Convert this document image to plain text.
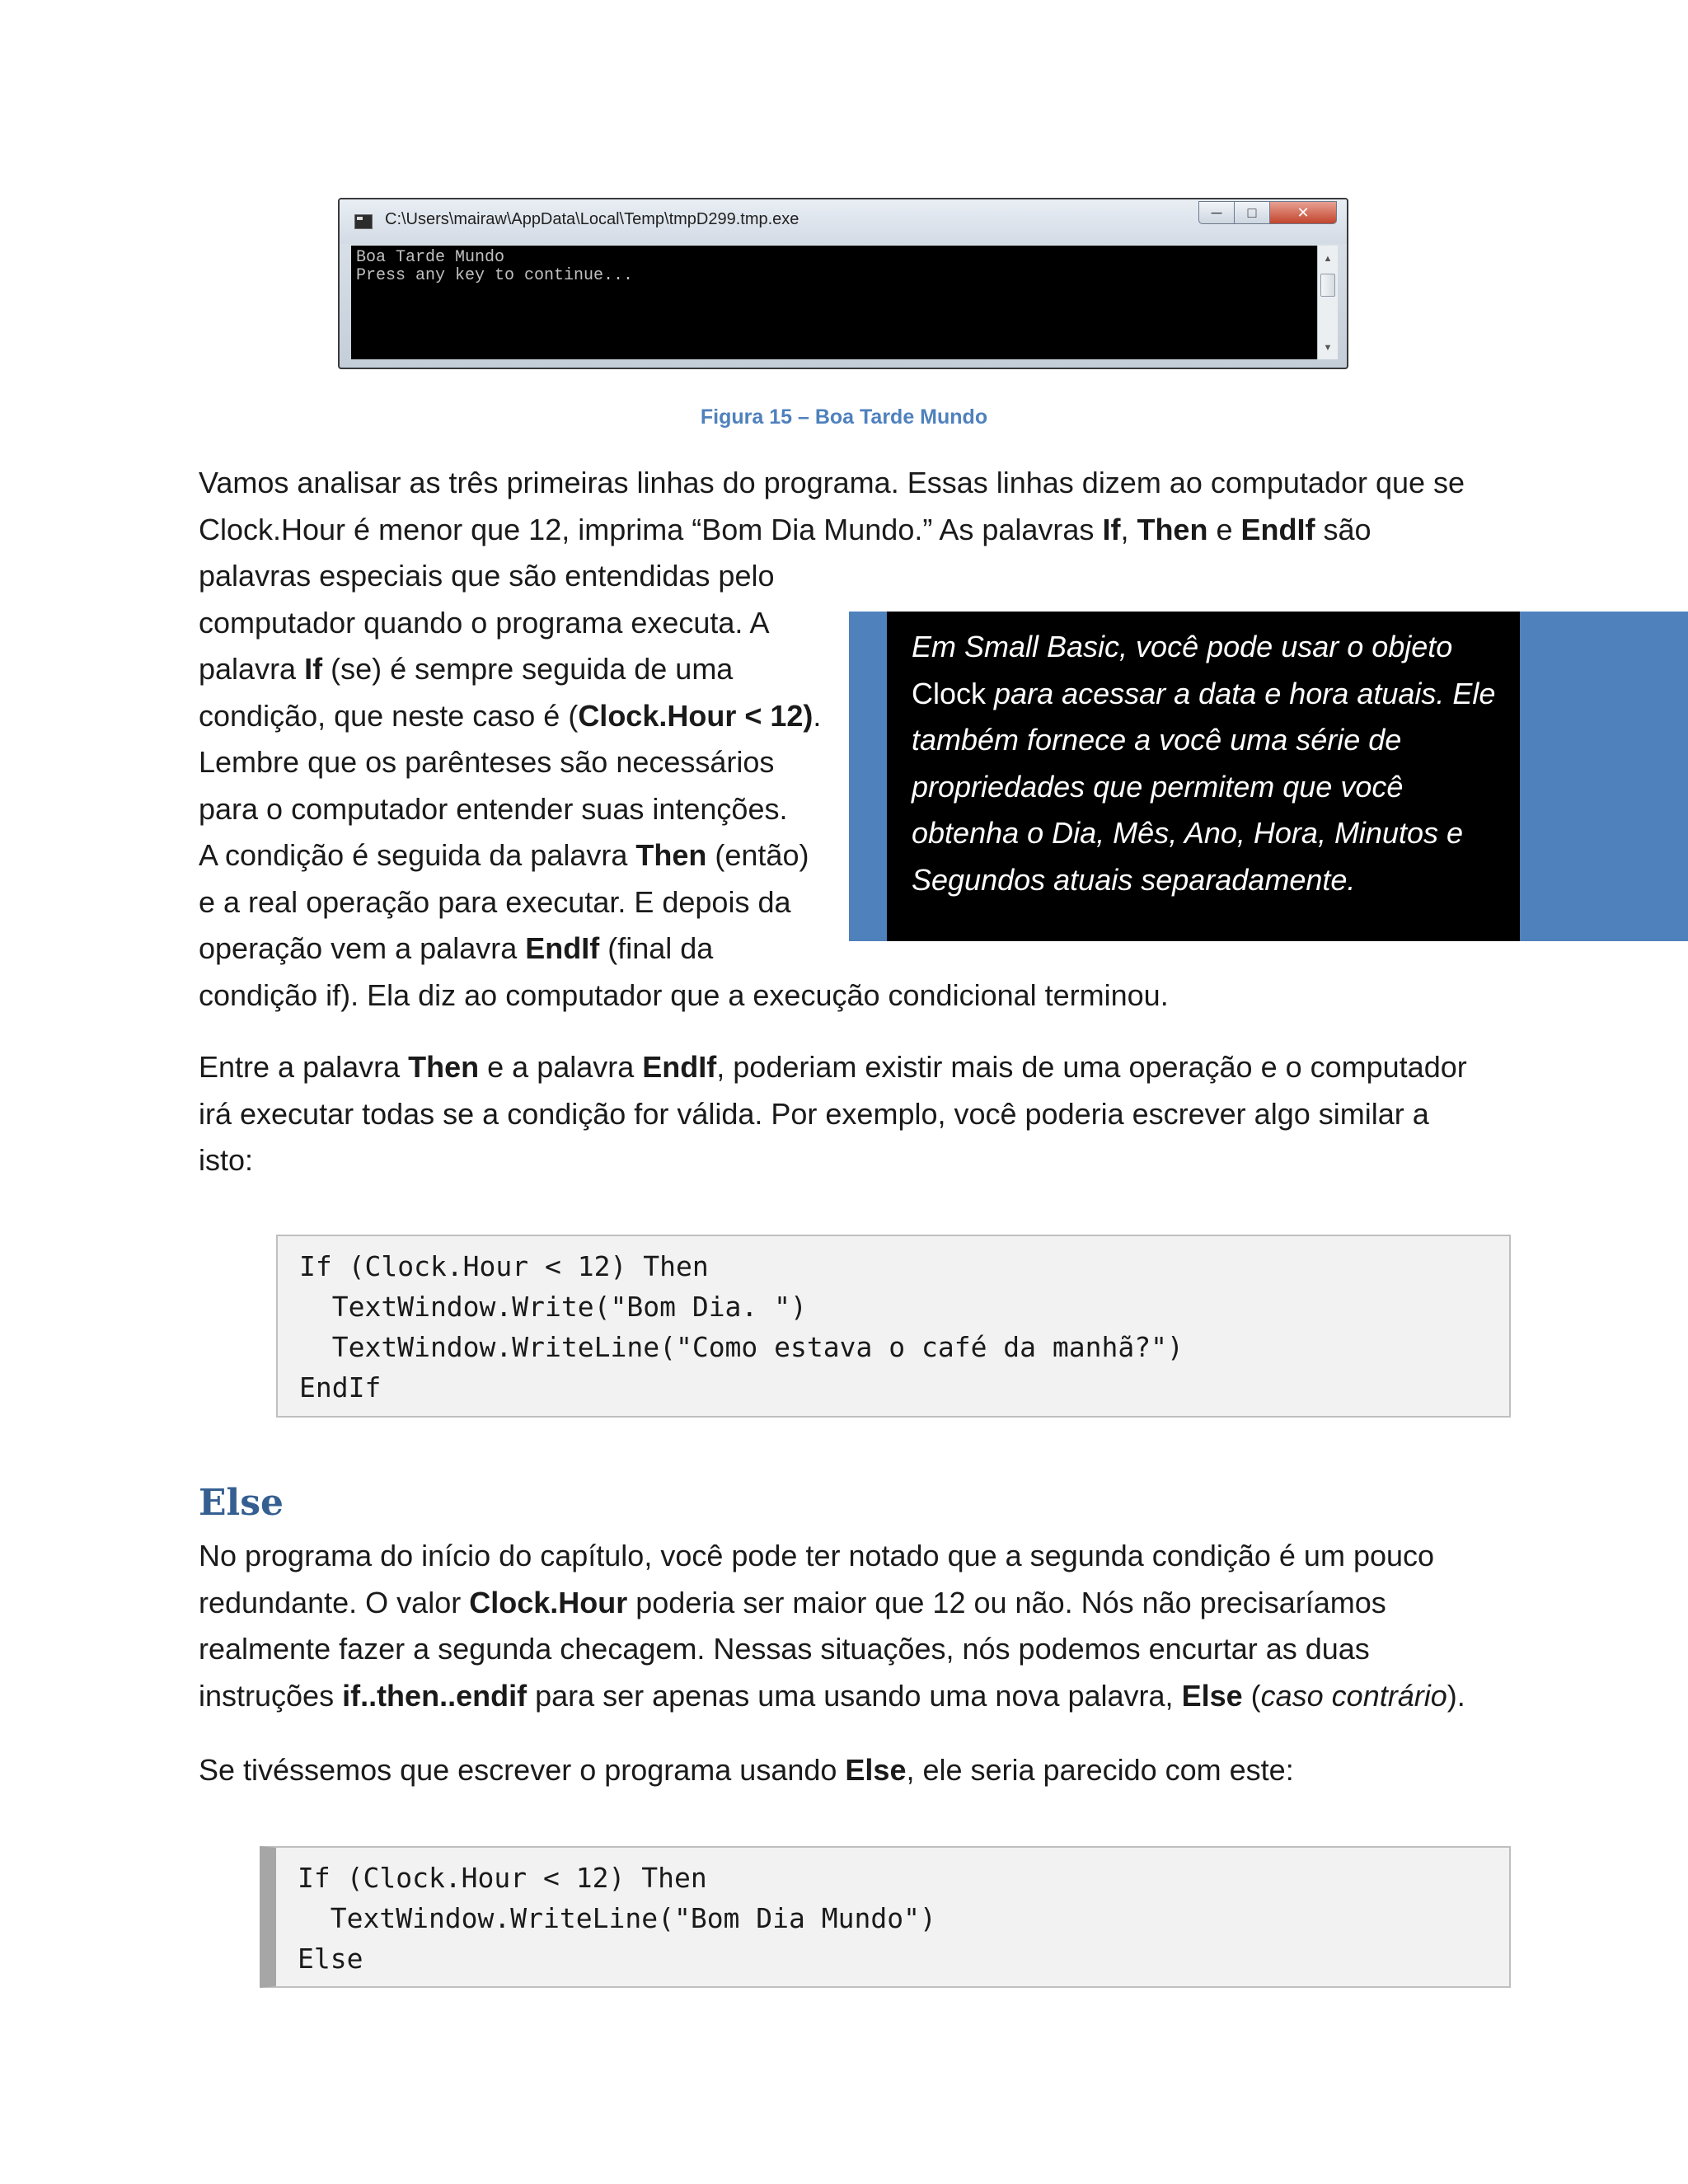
C:\Users\mairaw\AppData\Local\Temp\tmpD299.tmp.exe	─	□	✕
Boa Tarde Mundo
Press any key to continue...
▲
▼
Figura 15 – Boa Tarde Mundo
Vamos analisar as três primeiras linhas do programa. Essas linhas dizem ao computador que se
Clock.Hour é menor que 12, imprima “Bom Dia Mundo.” As palavras If, Then e EndIf são
palavras especiais que são entendidas pelo
computador quando o programa executa. A
palavra If (se) é sempre seguida de uma
condição, que neste caso é (Clock.Hour < 12).
Lembre que os parênteses são necessários
para o computador entender suas intenções.
A condição é seguida da palavra Then (então)
e a real operação para executar. E depois da
operação vem a palavra EndIf (final da
condição if). Ela diz ao computador que a execução condicional terminou.
Em Small Basic, você pode usar o objeto
Clock para acessar a data e hora atuais. Ele
também fornece a você uma série de
propriedades que permitem que você
obtenha o Dia, Mês, Ano, Hora, Minutos e
Segundos atuais separadamente.
Entre a palavra Then e a palavra EndIf, poderiam existir mais de uma operação e o computador
irá executar todas se a condição for válida. Por exemplo, você poderia escrever algo similar a
isto:
If (Clock.Hour < 12) Then
TextWindow.Write("Bom Dia. ")
TextWindow.WriteLine("Como estava o café da manhã?")
EndIf
Else
No programa do início do capítulo, você pode ter notado que a segunda condição é um pouco
redundante. O valor Clock.Hour poderia ser maior que 12 ou não. Nós não precisaríamos
realmente fazer a segunda checagem. Nessas situações, nós podemos encurtar as duas
instruções if..then..endif para ser apenas uma usando uma nova palavra, Else (caso contrário).
Se tivéssemos que escrever o programa usando Else, ele seria parecido com este:
If (Clock.Hour < 12) Then
TextWindow.WriteLine("Bom Dia Mundo")
Else
